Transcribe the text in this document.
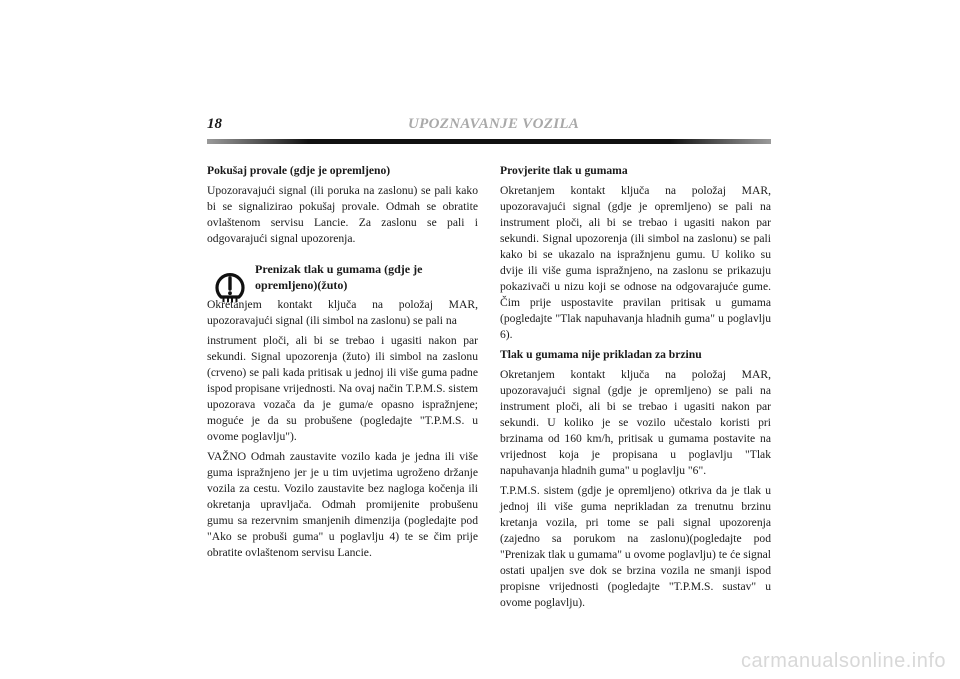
18	UPOZNAVANJE VOZILA
Pokušaj provale (gdje je opremljeno)

Upozoravajući signal (ili poruka na zaslonu) se pali kako bi se signalizirao pokušaj provale. Odmah se obratite ovlaštenom servisu Lancie. Za zaslonu se pali i odgovarajući signal upozorenja.

Prenizak tlak u gumama (gdje je opremljeno)(žuto)

Okretanjem kontakt ključa na položaj MAR, upozoravajući signal (ili simbol na zaslonu) se pali na

instrument ploči, ali bi se trebao i ugasiti nakon par sekundi. Signal upozorenja (žuto) ili simbol na zaslonu (crveno) se pali kada pritisak u jednoj ili više guma padne ispod propisane vrijednosti. Na ovaj način T.P.M.S. sistem upozorava vozača da je guma/e opasno ispražnjene; moguće je da su probušene (pogledajte "T.P.M.S. u ovome poglavlju").

VAŽNO Odmah zaustavite vozilo kada je jedna ili više guma ispražnjeno jer je u tim uvjetima ugroženo držanje vozila za cestu. Vozilo zaustavite bez nagloga kočenja ili okretanja upravljača. Odmah promijenite probušenu gumu sa rezervnim smanjenih dimenzija (pogledajte pod "Ako se probuši guma" u poglavlju 4) te se čim prije obratite ovlaštenom servisu Lancie.

Provjerite tlak u gumama

Okretanjem kontakt ključa na položaj MAR, upozoravajući signal (gdje je opremljeno) se pali na instrument ploči, ali bi se trebao i ugasiti nakon par sekundi. Signal upozorenja (ili simbol na zaslonu) se pali kako bi se ukazalo na ispražnjenu gumu. U koliko su dvije ili više guma ispražnjeno, na zaslonu se prikazuju pokazivači u nizu koji se odnose na odgovarajuće gume. Čim prije uspostavite pravilan pritisak u gumama (pogledajte "Tlak napuhavanja hladnih guma" u poglavlju 6).

Tlak u gumama nije prikladan za brzinu

Okretanjem kontakt ključa na položaj MAR, upozoravajući signal (gdje je opremljeno) se pali na instrument ploči, ali bi se trebao i ugasiti nakon par sekundi. U koliko je se vozilo učestalo koristi pri brzinama od 160 km/h, pritisak u gumama postavite na vrijednost koja je propisana u poglavlju "Tlak napuhavanja hladnih guma" u poglavlju "6".

T.P.M.S. sistem (gdje je opremljeno) otkriva da je tlak u jednoj ili više guma neprikladan za trenutnu brzinu kretanja vozila, pri tome se pali signal upozorenja (zajedno sa porukom na zaslonu)(pogledajte pod "Prenizak tlak u gumama" u ovome poglavlju) te će signal ostati upaljen sve dok se brzina vozila ne smanji ispod propisne vrijednosti (pogledajte "T.P.M.S. sustav" u ovome poglavlju).

carmanualsonline.info
